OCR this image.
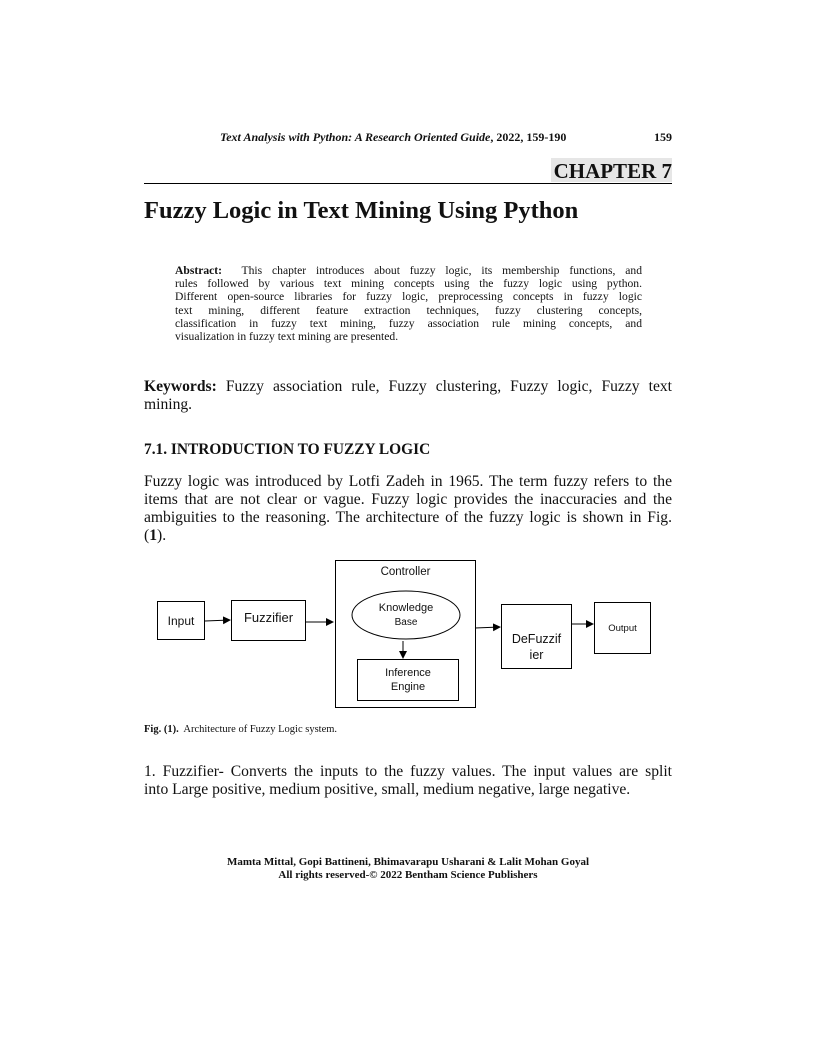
Text Analysis with Python: A Research Oriented Guide, 2022, 159-190	159
CHAPTER 7
Fuzzy Logic in Text Mining Using Python
Abstract: This chapter introduces about fuzzy logic, its membership functions, and
rules followed by various text mining concepts using the fuzzy logic using python.
Different open-source libraries for fuzzy logic, preprocessing concepts in fuzzy logic
text mining, different feature extraction techniques, fuzzy clustering concepts,
classification in fuzzy text mining, fuzzy association rule mining concepts, and
visualization in fuzzy text mining are presented.
Keywords: Fuzzy association rule, Fuzzy clustering, Fuzzy logic, Fuzzy text
mining.
7.1. INTRODUCTION TO FUZZY LOGIC
Fuzzy logic was introduced by Lotfi Zadeh in 1965. The term fuzzy refers to the
items that are not clear or vague. Fuzzy logic provides the inaccuracies and the
ambiguities to the reasoning. The architecture of the fuzzy logic is shown in Fig.
(1).
Input	Fuzzifier
Controller
Knowledge
Base
Inference
Engine
DeFuzzif
ier
Output
Fig. (1). Architecture of Fuzzy Logic system.
1. Fuzzifier- Converts the inputs to the fuzzy values. The input values are split
into Large positive, medium positive, small, medium negative, large negative.
Mamta Mittal, Gopi Battineni, Bhimavarapu Usharani & Lalit Mohan Goyal
All rights reserved-© 2022 Bentham Science Publishers
